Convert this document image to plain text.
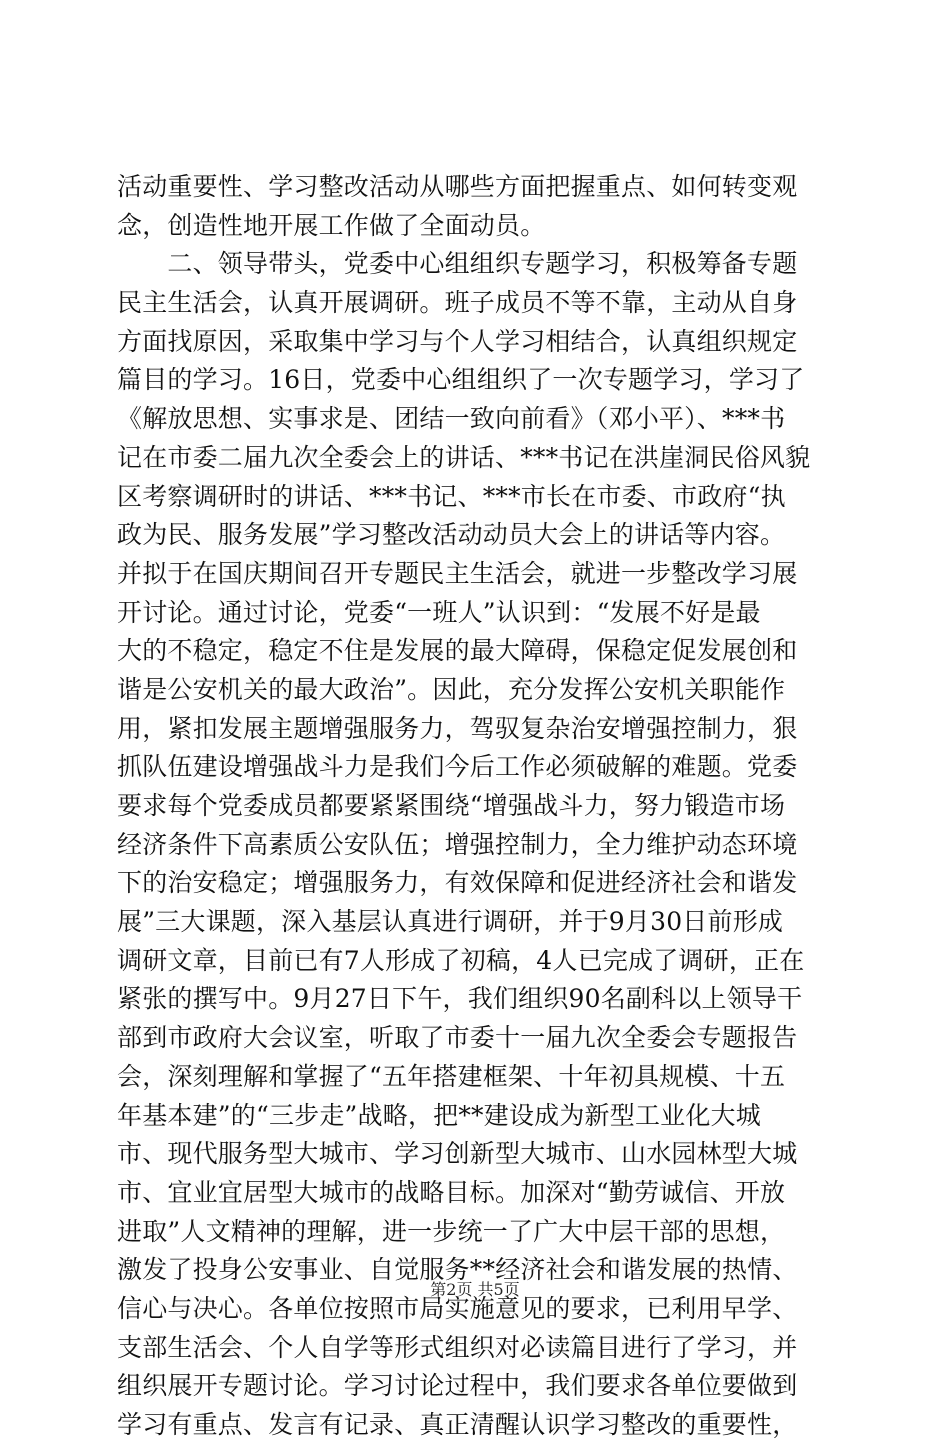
活动重要性、学习整改活动从哪些方面把握重点、如何转变观
念，创造性地开展工作做了全面动员。
　　二、领导带头，党委中心组组织专题学习，积极筹备专题
民主生活会，认真开展调研。班子成员不等不靠，主动从自身
方面找原因，采取集中学习与个人学习相结合，认真组织规定
篇目的学习。16日，党委中心组组织了一次专题学习，学习了
《解放思想、实事求是、团结一致向前看》（邓小平）、***书
记在市委二届九次全委会上的讲话、***书记在洪崖洞民俗风貌
区考察调研时的讲话、***书记、***市长在市委、市政府“执
政为民、服务发展”学习整改活动动员大会上的讲话等内容。
并拟于在国庆期间召开专题民主生活会，就进一步整改学习展
开讨论。通过讨论，党委“一班人”认识到：“发展不好是最
大的不稳定，稳定不住是发展的最大障碍，保稳定促发展创和
谐是公安机关的最大政治”。因此，充分发挥公安机关职能作
用，紧扣发展主题增强服务力，驾驭复杂治安增强控制力，狠
抓队伍建设增强战斗力是我们今后工作必须破解的难题。党委
要求每个党委成员都要紧紧围绕“增强战斗力，努力锻造市场
经济条件下高素质公安队伍；增强控制力，全力维护动态环境
下的治安稳定；增强服务力，有效保障和促进经济社会和谐发
展”三大课题，深入基层认真进行调研，并于9月30日前形成
调研文章，目前已有7人形成了初稿，4人已完成了调研，正在
紧张的撰写中。9月27日下午，我们组织90名副科以上领导干
部到市政府大会议室，听取了市委十一届九次全委会专题报告
会，深刻理解和掌握了“五年搭建框架、十年初具规模、十五
年基本建”的“三步走”战略，把**建设成为新型工业化大城
市、现代服务型大城市、学习创新型大城市、山水园林型大城
市、宜业宜居型大城市的战略目标。加深对“勤劳诚信、开放
进取”人文精神的理解，进一步统一了广大中层干部的思想，
激发了投身公安事业、自觉服务**经济社会和谐发展的热情、
信心与决心。各单位按照市局实施意见的要求，已利用早学、
支部生活会、个人自学等形式组织对必读篇目进行了学习，并
组织展开专题讨论。学习讨论过程中，我们要求各单位要做到
学习有重点、发言有记录、真正清醒认识学习整改的重要性，
第2页 共5页
